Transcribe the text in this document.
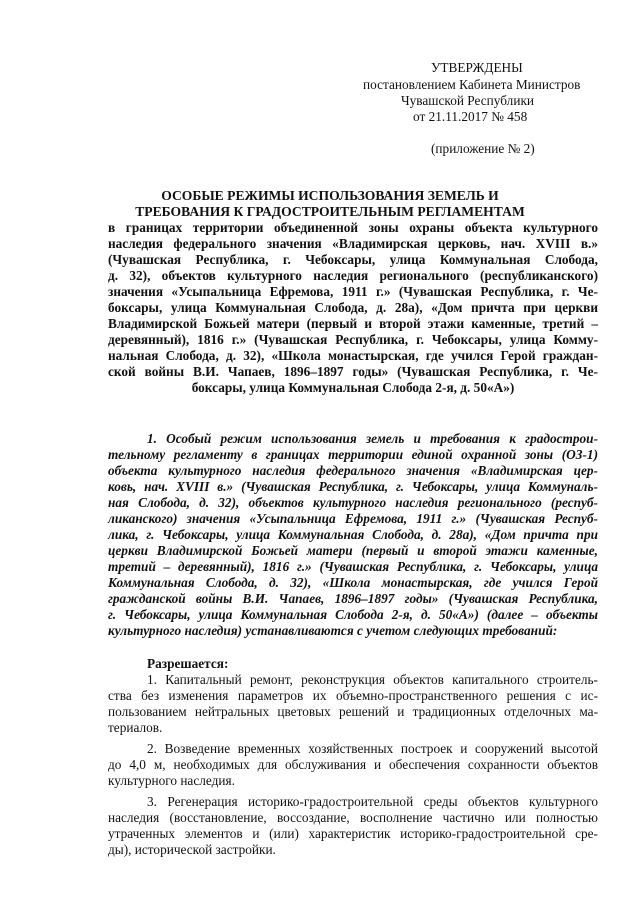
УТВЕРЖДЕНЫ
постановлением Кабинета Министров
Чувашской Республики
от 21.11.2017 № 458
(приложение № 2)
ОСОБЫЕ РЕЖИМЫ ИСПОЛЬЗОВАНИЯ ЗЕМЕЛЬ И
ТРЕБОВАНИЯ К ГРАДОСТРОИТЕЛЬНЫМ РЕГЛАМЕНТАМ
в границах территории объединенной зоны охраны объекта культурного
наследия федерального значения «Владимирская церковь, нач. XVIII в.»
(Чувашская Республика, г. Чебоксары, улица Коммунальная Слобода,
д. 32), объектов культурного наследия регионального (республиканского)
значения «Усыпальница Ефремова, 1911 г.» (Чувашская Республика, г. Че-
боксары, улица Коммунальная Слобода, д. 28а), «Дом причта при церкви
Владимирской Божьей матери (первый и второй этажи каменные, третий –
деревянный), 1816 г.» (Чувашская Республика, г. Чебоксары, улица Комму-
нальная Слобода, д. 32), «Школа монастырская, где учился Герой граждан-
ской войны В.И. Чапаев, 1896–1897 годы» (Чувашская Республика, г. Че-
боксары, улица Коммунальная Слобода 2-я, д. 50«А»)
1. Особый режим использования земель и требования к градострои-
тельному регламенту в границах территории единой охранной зоны (ОЗ-1)
объекта культурного наследия федерального значения «Владимирская цер-
ковь, нач. XVIII в.» (Чувашская Республика, г. Чебоксары, улица Коммуналь-
ная Слобода, д. 32), объектов культурного наследия регионального (респуб-
ликанского) значения «Усыпальница Ефремова, 1911 г.» (Чувашская Респуб-
лика, г. Чебоксары, улица Коммунальная Слобода, д. 28а), «Дом причта при
церкви Владимирской Божьей матери (первый и второй этажи каменные,
третий – деревянный), 1816 г.» (Чувашская Республика, г. Чебоксары, улица
Коммунальная Слобода, д. 32), «Школа монастырская, где учился Герой
гражданской войны В.И. Чапаев, 1896–1897 годы» (Чувашская Республика,
г. Чебоксары, улица Коммунальная Слобода 2-я, д. 50«А») (далее – объекты
культурного наследия) устанавливаются с учетом следующих требований:
Разрешается:
1. Капитальный ремонт, реконструкция объектов капитального строитель-
ства без изменения параметров их объемно-пространственного решения с ис-
пользованием нейтральных цветовых решений и традиционных отделочных ма-
териалов.
2. Возведение временных хозяйственных построек и сооружений высотой
до 4,0 м, необходимых для обслуживания и обеспечения сохранности объектов
культурного наследия.
3. Регенерация историко-градостроительной среды объектов культурного
наследия (восстановление, воссоздание, восполнение частично или полностью
утраченных элементов и (или) характеристик историко-градостроительной сре-
ды), исторической застройки.
